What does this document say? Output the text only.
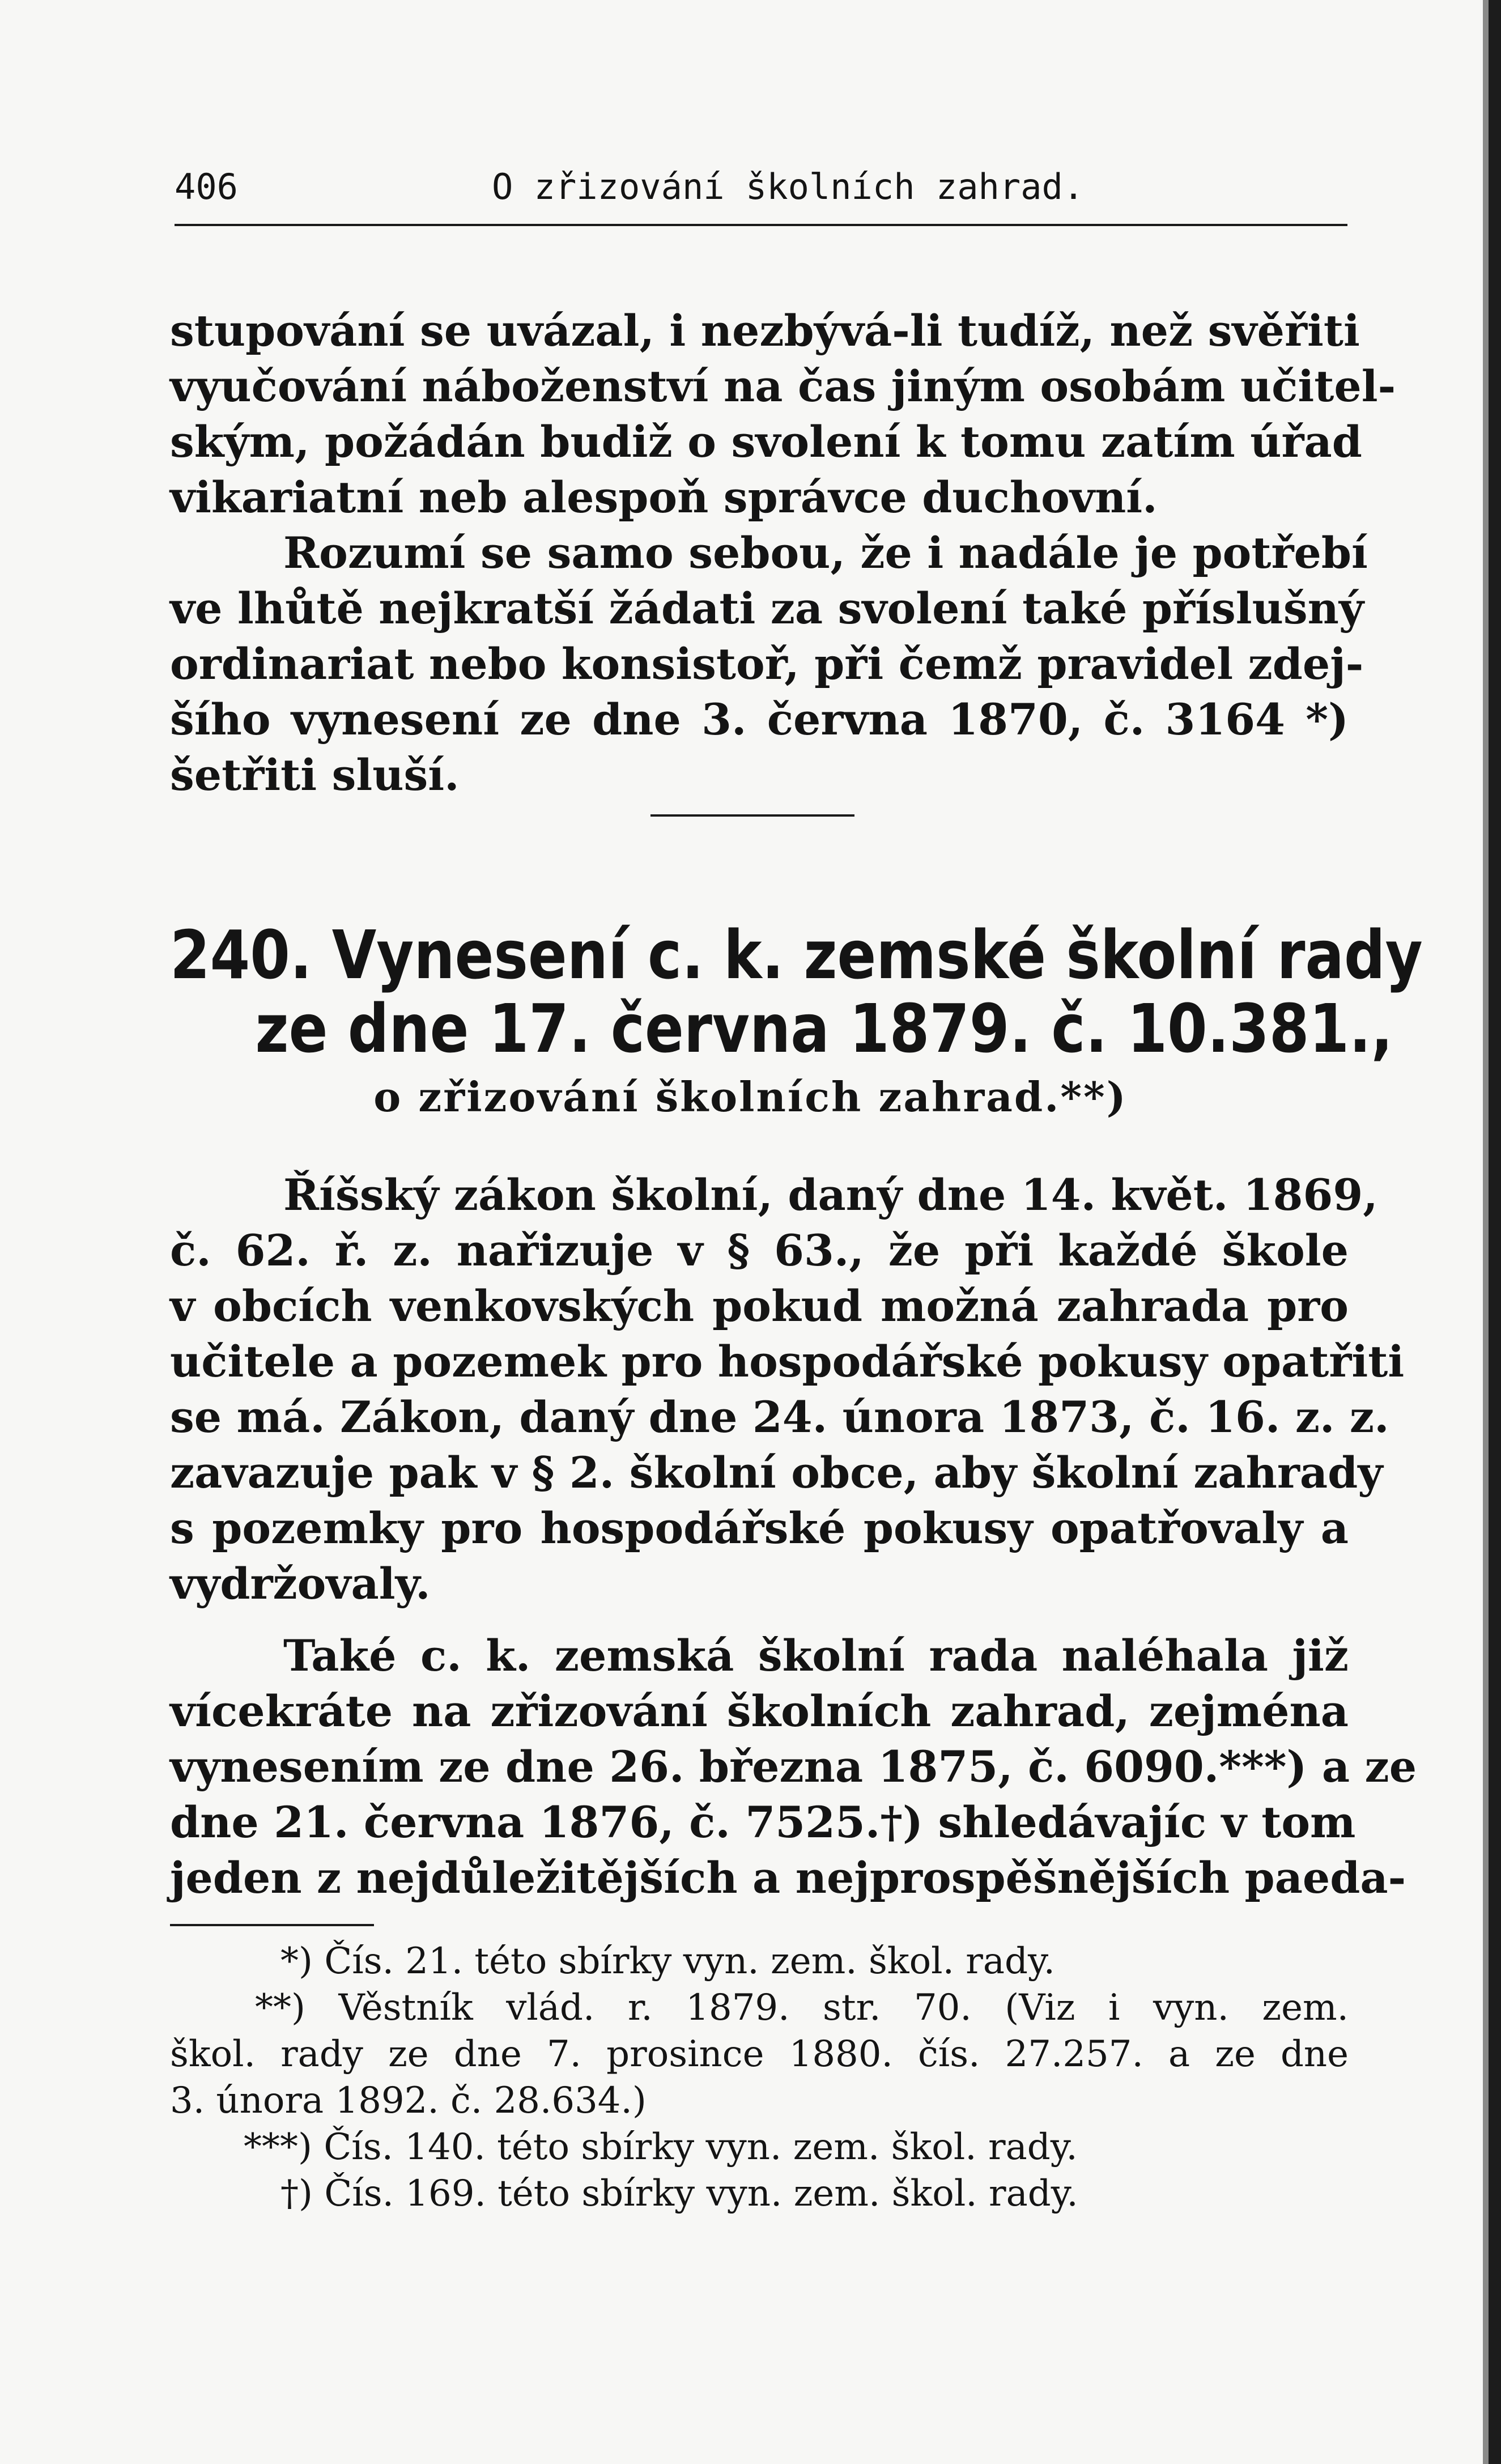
406	O zřizování školních zahrad.
stupování se uvázal, i nezbývá-li tudíž, než svěřiti
vyučování náboženství na čas jiným osobám učitel-
ským, požádán budiž o svolení k tomu zatím úřad
vikariatní neb alespoň správce duchovní.
Rozumí se samo sebou, že i nadále je potřebí
ve lhůtě nejkratší žádati za svolení také příslušný
ordinariat nebo konsistoř, při čemž pravidel zdej-
šího vynesení ze dne 3. června 1870, č. 3164 *)
šetřiti sluší.
240. Vynesení c. k. zemské školní rady
ze dne 17. června 1879. č. 10.381.,
o zřizování školních zahrad.**)
Říšský zákon školní, daný dne 14. květ. 1869,
č. 62. ř. z. nařizuje v § 63., že při každé škole
v obcích venkovských pokud možná zahrada pro
učitele a pozemek pro hospodářské pokusy opatřiti
se má. Zákon, daný dne 24. února 1873, č. 16. z. z.
zavazuje pak v § 2. školní obce, aby školní zahrady
s pozemky pro hospodářské pokusy opatřovaly a
vydržovaly.
Také c. k. zemská školní rada naléhala již
vícekráte na zřizování školních zahrad, zejména
vynesením ze dne 26. března 1875, č. 6090.***) a ze
dne 21. června 1876, č. 7525.†) shledávajíc v tom
jeden z nejdůležitějších a nejprospěšnějších paeda-
*) Čís. 21. této sbírky vyn. zem. škol. rady.
**) Věstník vlád. r. 1879. str. 70. (Viz i vyn. zem.
škol. rady ze dne 7. prosince 1880. čís. 27.257. a ze dne
3. února 1892. č. 28.634.)
***) Čís. 140. této sbírky vyn. zem. škol. rady.
†) Čís. 169. této sbírky vyn. zem. škol. rady.
